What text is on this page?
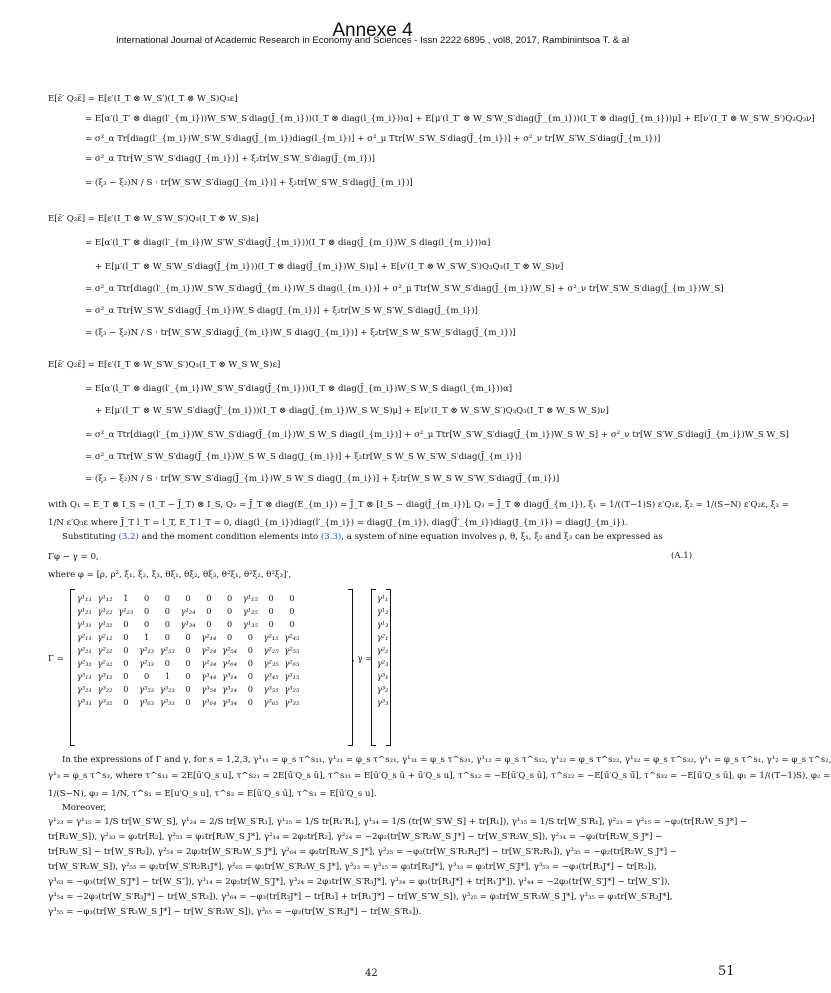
Annexe 4
International Journal of Academic Research in Economy and Sciences - Issn 2222 6895 , vol8, 2017, Rambinintsoa T. & al
E[ε̄′ Q₂ε̄] = E[ε′(I_T ⊗ W_S′)(I_T ⊗ W_S)Q₃ε]
= E[α′(l_T′ ⊗ diag(l′_{m_i}))W_S′W_S′diag(J̄_{m_i}))(I_T ⊗ diag(l_{m_i}))α] + E[μ′(l_T′ ⊗ W_S′W_S′diag(J̄′_{m_i}))(I_T ⊗ diag(J̄_{m_i}))μ] + E[ν′(I_T ⊗ W_S′W_S′)Q₃Q₃ν]
= σ²_α Tr[diag(l′_{m_i})W_S′W_S′diag(J̄_{m_i})diag(l_{m_i})] + σ²_μ Ttr[W_S′W_S′diag(J̄_{m_i})] + σ²_ν tr[W_S′W_S′diag(J̄_{m_i})]
= σ²_α Ttr[W_S′W_S′diag(J_{m_i})] + ξ₂tr[W_S′W_S′diag(J̄_{m_i})]
= (ξ₃ − ξ₂)N / S · tr[W_S′W_S′diag(J_{m_i})] + ξ₂tr[W_S′W_S′diag(J̄_{m_i})]
E[ε̄′ Q₂ε̄] = E[ε′(I_T ⊗ W_S′W_S′)Q₃(I_T ⊗ W_S)ε]
= E[α′(l_T′ ⊗ diag(l′_{m_i})W_S′W_S′diag(J̄_{m_i}))(I_T ⊗ diag(J̄_{m_i})W_S diag(l_{m_i}))α]
+ E[μ′(l_T′ ⊗ W_S′W_S′diag(J̄_{m_i}))(I_T ⊗ diag(J̄_{m_i})W_S)μ] + E[ν′(I_T ⊗ W_S′W_S′)Q₃Q₃(I_T ⊗ W_S)ν]
= σ²_α Ttr[diag(l′_{m_i})W_S′W_S′diag(J̄_{m_i})W_S diag(l_{m_i})] + σ²_μ Ttr[W_S′W_S′diag(J̄_{m_i})W_S] + σ²_ν tr[W_S′W_S′diag(J̄_{m_i})W_S]
= σ²_α Ttr[W_S′W_S′diag(J̄_{m_i})W_S diag(J_{m_i})] + ξ₂tr[W_S W_S′W_S′diag(J̄_{m_i})]
= (ξ₃ − ξ₂)N / S · tr[W_S′W_S′diag(J̄_{m_i})W_S diag(J_{m_i})] + ξ₂tr[W_S W_S′W_S′diag(J̄_{m_i})]
E[ε̄′ Q₂ε̄] = E[ε′(I_T ⊗ W_S′W_S′)Q₃(I_T ⊗ W_S W_S)ε]
= E[α′(l_T′ ⊗ diag(l′_{m_i})W_S′W_S′diag(J̄_{m_i}))(I_T ⊗ diag(J̄_{m_i})W_S W_S diag(l_{m_i}))α]
+ E[μ′(l_T′ ⊗ W_S′W_S′diag(J̄′_{m_i}))(I_T ⊗ diag(J̄_{m_i})W_S W_S)μ] + E[ν′(I_T ⊗ W_S′W_S′)Q₃Q₃(I_T ⊗ W_S W_S)ν]
= σ²_α Ttr[diag(l′_{m_i})W_S′W_S′diag(J̄_{m_i})W_S W_S diag(l_{m_i})] + σ²_μ Ttr[W_S′W_S′diag(J̄_{m_i})W_S W_S] + σ²_ν tr[W_S′W_S′diag(J̄_{m_i})W_S W_S]
= σ²_α Ttr[W_S′W_S′diag(J̄_{m_i})W_S W_S diag(J_{m_i})] + ξ₂tr[W_S W_S W_S′W_S′diag(J̄_{m_i})]
= (ξ₃ − ξ₂)N / S · tr[W_S′W_S′diag(J̄_{m_i})W_S W_S diag(J_{m_i})] + ξ₂tr[W_S W_S W_S′W_S′diag(J̄_{m_i})]
with Q₁ = E_T ⊗ I_S = (I_T − J̄_T) ⊗ I_S, Q₂ = J̄_T ⊗ diag(E_{m_i}) = J̄_T ⊗ [I_S − diag(J̄_{m_i})], Q₃ = J̄_T ⊗ diag(J̄_{m_i}), ξ₁ = 1/((T−1)S) ε′Q₁ε, ξ₂ = 1/(S−N) ε′Q₂ε, ξ₃ =
1/N ε′Q₃ε where J̄_T l_T = l_T, E_T l_T = 0, diag(l_{m_i})diag(l′_{m_i}) = diag(J_{m_i}), diag(J̄′_{m_i})diag(J_{m_i}) = diag(J_{m_i}).
Substituting (3.2) and the moment condition elements into (3.3), a system of nine equation involves ρ, θ, ξ₁, ξ₂ and ξ₃ can be expressed as
Γφ − γ = 0,	(A.1)
where φ = [ρ, ρ², ξ₁, ξ₂, ξ₃, θξ₁, θξ₂, θξ₃, θ²ξ₁, θ²ξ₂, θ²ξ₃]′,
Γ =
γ¹₁₁	γ¹₁₂	1	0	0	0	0	0	γ¹₁₅	0	0
γ¹₂₁	γ¹₂₂	γ¹₂₃	0	0	γ¹₂₄	0	0	γ¹₂₅	0	0
γ¹₃₁	γ¹₃₂	0	0	0	γ¹₃₄	0	0	γ¹₃₅	0	0
γ²₁₁	γ²₁₂	0	1	0	0	γ²₁₄	0	0	γ²₁₅	γ²₄₅
γ²₂₁	γ²₂₂	0	γ²₂₃	γ²₅₃	0	γ²₂₄	γ²₅₄	0	γ²₂₅	γ²₅₅
γ²₃₁	γ²₃₂	0	γ²₃₃	0	0	γ²₃₄	γ²₆₄	0	γ²₃₅	γ²₆₅
γ³₁₁	γ³₁₂	0	0	1	0	γ³₄₄	γ³₁₄	0	γ³₄₅	γ³₁₅
γ³₂₁	γ³₂₂	0	γ³₅₃	γ³₂₃	0	γ³₅₄	γ³₂₄	0	γ³₅₅	γ³₂₅
γ³₃₁	γ³₃₂	0	γ³₆₃	γ³₃₃	0	γ³₆₄	γ³₃₄	0	γ³₆₅	γ³₃₅
, γ =
γ¹₁
γ¹₂
γ¹₃
γ²₁
γ²₂
γ²₃
γ³₁
γ³₂
γ³₃
In the expressions of Γ and γ, for s = 1,2,3, γ¹₁₁ = φ_s τ^s₁₁, γ¹₂₁ = φ_s τ^s₂₁, γ¹₃₁ = φ_s τ^s₃₁, γ¹₁₂ = φ_s τ^s₁₂, γ¹₂₂ = φ_s τ^s₂₂, γ¹₃₂ = φ_s τ^s₃₂, γ¹₁ = φ_s τ^s₁, γ¹₂ = φ_s τ^s₂,
γ¹₃ = φ_s τ^s₃, where τ^s₁₁ = 2E[ū′Q_s u], τ^s₂₁ = 2E[ū̄′Q_s ū], τ^s₃₁ = E[ū′Q_s ū + ū̄′Q_s u], τ^s₁₂ = −E[ū′Q_s ū], τ^s₂₂ = −E[ū̄′Q_s ū̄], τ^s₃₂ = −E[ū̄′Q_s ū], φ₁ = 1/((T−1)S), φ₂ =
1/(S−N), φ₃ = 1/N, τ^s₁ = E[u′Q_s u], τ^s₂ = E[ū′Q_s ū], τ^s₃ = E[ū′Q_s u].
Moreover,
γ¹₂₃ = γ¹₁₅ = 1/S tr[W_S′W_S], γ¹₂₄ = 2/S tr[W_S′R₁], γ¹₂₅ = 1/S tr[R₁′R₁], γ¹₃₄ = 1/S (tr[W_S′W_S] + tr[R₁]), γ¹₃₅ = 1/S tr[W_S′R₁], γ²₂₃ = γ²₁₅ = −φ₂(tr[R₂W_S J*] −
tr[R₂W_S]), γ²₃₃ = φ₂tr[R₂], γ²₅₃ = φ₂tr[R₂W_S J*], γ²₁₄ = 2φ₂tr[R₂], γ²₂₄ = −2φ₂(tr[W_S′R₂W_S J*] − tr[W_S′R₂W_S]), γ²₃₄ = −φ₂(tr[R₂W_S J*] −
tr[R₂W_S] − tr[W_S′R₂]), γ²₅₄ = 2φ₂tr[W_S′R₂W_S J*], γ²₆₄ = φ₂tr[R₂W_S J*], γ²₂₅ = −φ₂(tr[W_S′R₂R₁J*] − tr[W_S′R₂R₁]), γ²₃₅ = −φ₂(tr[R₂W_S J*] −
tr[W_S′R₂W_S]), γ²₅₅ = φ₂tr[W_S′R₂R₁J*], γ²₆₅ = φ₂tr[W_S′R₂W_S J*], γ³₂₃ = γ³₁₅ = φ₃tr[R₃J*], γ³₃₃ = φ₃tr[W_S′J*], γ³₅₃ = −φ₃(tr[R₃J*] − tr[R₃]),
γ³₆₃ = −φ₃(tr[W_S′J*] − tr[W_S″]), γ³₁₄ = 2φ₃tr[W_S′J*], γ³₂₄ = 2φ₃tr[W_S′R₃J*], γ³₃₄ = φ₃(tr[R₃J*] + tr[R₁′J*]), γ³₄₄ = −2φ₃(tr[W_S′J*] − tr[W_S″]),
γ³₅₄ = −2φ₃(tr[W_S′R₃J*] − tr[W_S′R₃]), γ³₆₄ = −φ₃(tr[R₃J*] − tr[R₃] + tr[R₁′J*] − tr[W_S″W_S]), γ³₂₅ = φ₃tr[W_S′R₃W_S J*], γ³₃₅ = φ₃tr[W_S′R₃J*],
γ³₅₅ = −φ₃(tr[W_S′R₃W_S J*] − tr[W_S′R₃W_S]), γ³₆₅ = −φ₃(tr[W_S′R₃J*] − tr[W_S′R₃]).
42	51
